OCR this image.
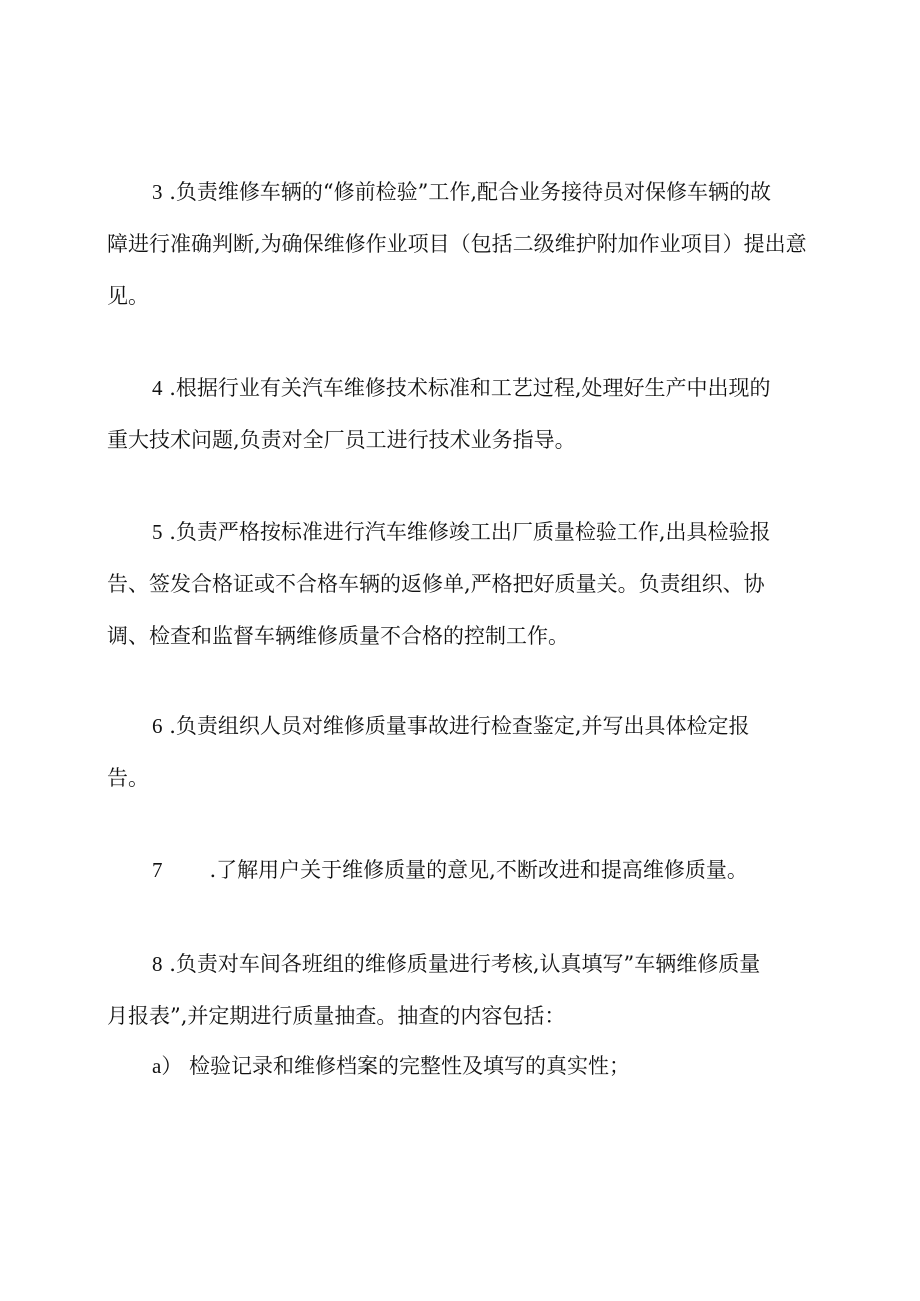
3 .负责维修车辆的“修前检验”工作,配合业务接待员对保修车辆的故
障进行准确判断,为确保维修作业项目（包括二级维护附加作业项目）提出意
见。
4 .根据行业有关汽车维修技术标准和工艺过程,处理好生产中出现的
重大技术问题,负责对全厂员工进行技术业务指导。
5 .负责严格按标准进行汽车维修竣工出厂质量检验工作,出具检验报
告、签发合格证或不合格车辆的返修单,严格把好质量关。负责组织、协
调、检查和监督车辆维修质量不合格的控制工作。
6 .负责组织人员对维修质量事故进行检查鉴定,并写出具体检定报
告。
7 .了解用户关于维修质量的意见,不断改进和提高维修质量。
8 .负责对车间各班组的维修质量进行考核,认真填写”车辆维修质量
月报表”,并定期进行质量抽查。抽查的内容包括：
a） 检验记录和维修档案的完整性及填写的真实性；
